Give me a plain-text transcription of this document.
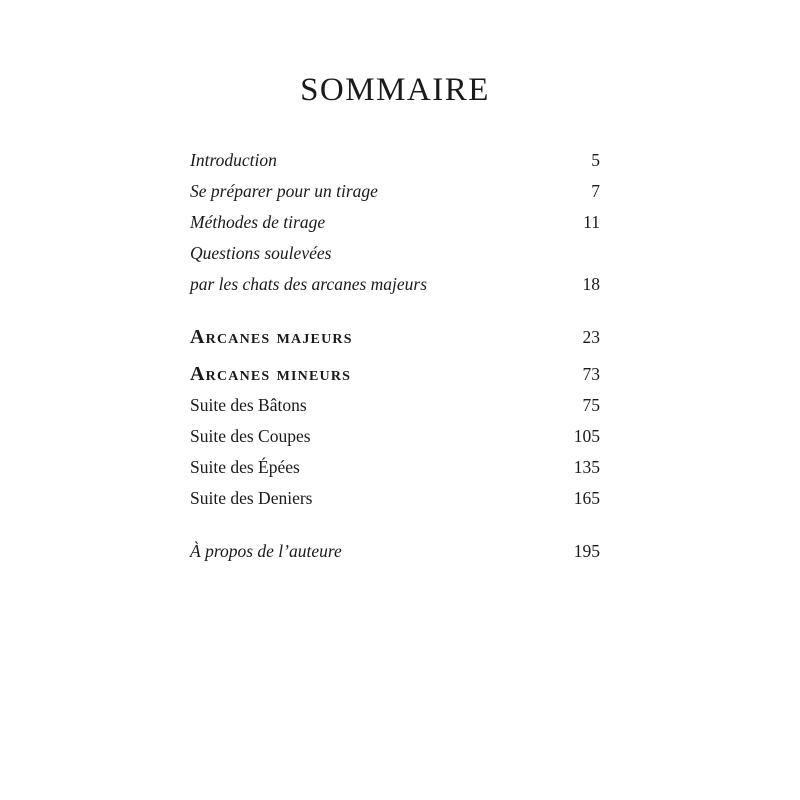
SOMMAIRE
Introduction	5
Se préparer pour un tirage	7
Méthodes de tirage	11
Questions soulevées
par les chats des arcanes majeurs	18
Arcanes majeurs	23
Arcanes mineurs	73
Suite des Bâtons	75
Suite des Coupes	105
Suite des Épées	135
Suite des Deniers	165
À propos de l’auteure	195
